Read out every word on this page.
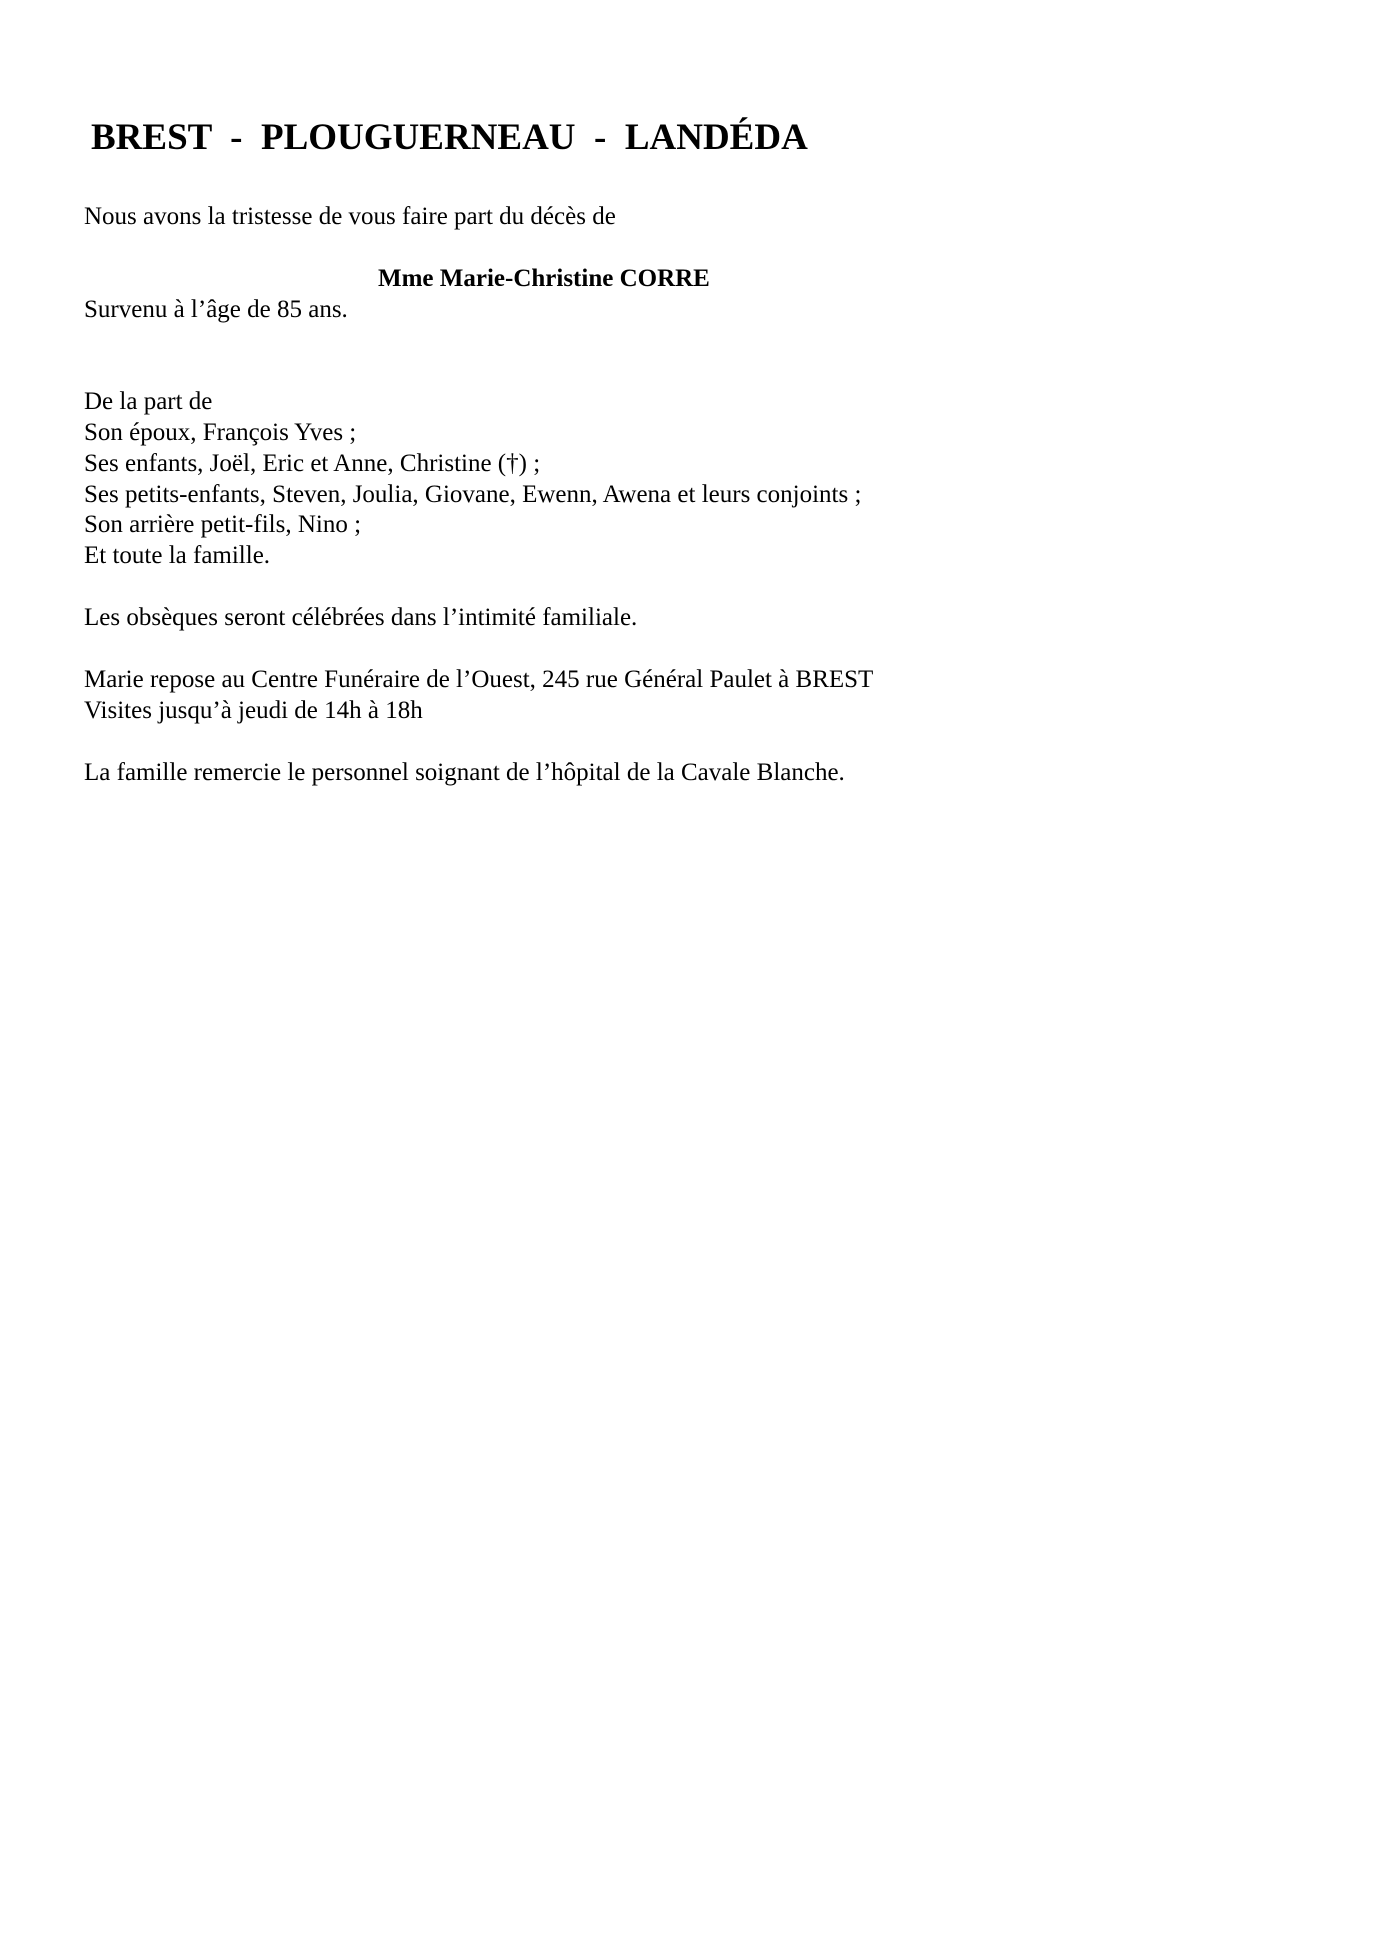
BREST  -  PLOUGUERNEAU  -  LANDÉDA

Nous avons la tristesse de vous faire part du décès de

Mme Marie-Christine CORRE

Survenu à l’âge de 85 ans.

De la part de

Son époux, François Yves ;

Ses enfants, Joël, Eric et Anne, Christine (†) ;

Ses petits-enfants, Steven, Joulia, Giovane, Ewenn, Awena et leurs conjoints ;

Son arrière petit-fils, Nino ;

Et toute la famille.

Les obsèques seront célébrées dans l’intimité familiale.

Marie repose au Centre Funéraire de l’Ouest, 245 rue Général Paulet à BREST

Visites jusqu’à jeudi de 14h à 18h

La famille remercie le personnel soignant de l’hôpital de la Cavale Blanche.
